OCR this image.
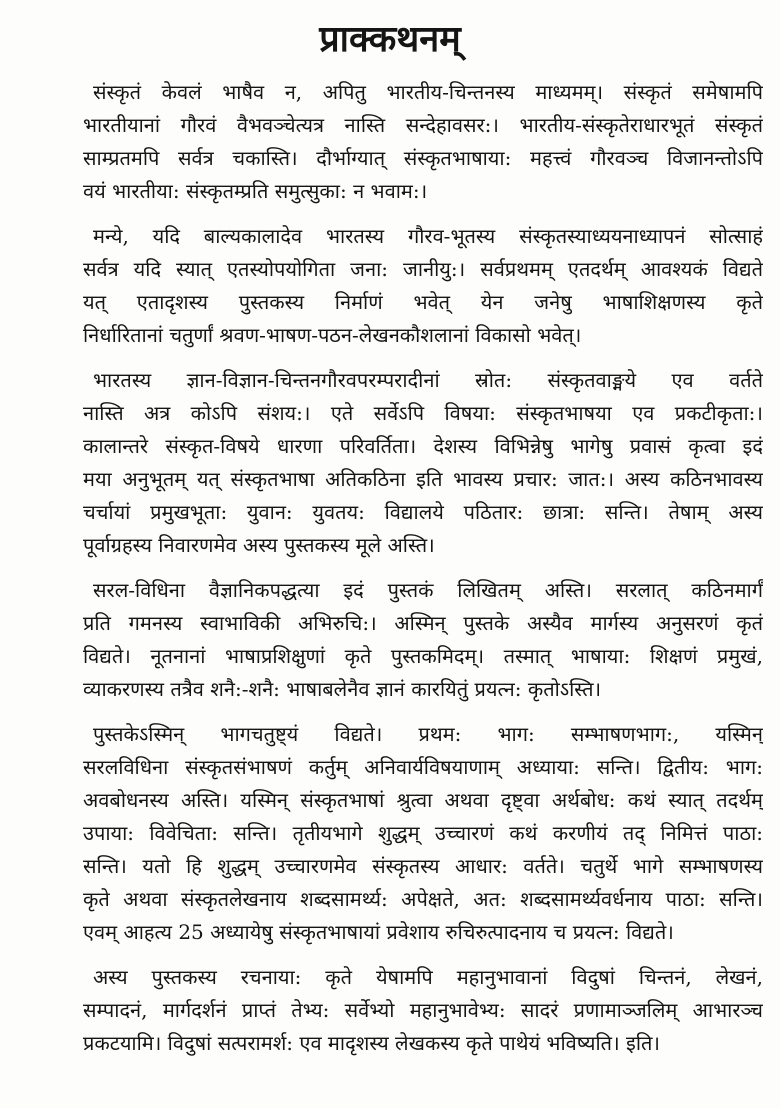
प्राक्कथनम्
संस्कृतं केवलं भाषैव न, अपितु भारतीय-चिन्तनस्य माध्यमम्। संस्कृतं समेषामपि
भारतीयानां गौरवं वैभवञ्चेत्यत्र नास्ति सन्देहावसर:। भारतीय-संस्कृतेराधारभूतं संस्कृतं
साम्प्रतमपि सर्वत्र चकास्ति। दौर्भाग्यात् संस्कृतभाषाया: महत्त्वं गौरवञ्च विजानन्तोऽपि
वयं भारतीया: संस्कृतम्प्रति समुत्सुका: न भवाम:।
मन्ये, यदि बाल्यकालादेव भारतस्य गौरव-भूतस्य संस्कृतस्याध्ययनाध्यापनं सोत्साहं
सर्वत्र यदि स्यात् एतस्योपयोगिता जना: जानीयु:। सर्वप्रथमम् एतदर्थम् आवश्यकं विद्यते
यत् एतादृशस्य पुस्तकस्य निर्माणं भवेत् येन जनेषु भाषाशिक्षणस्य कृते
निर्धारितानां चतुर्णां श्रवण-भाषण-पठन-लेखनकौशलानां विकासो भवेत्।
भारतस्य ज्ञान-विज्ञान-चिन्तनगौरवपरम्परादीनां स्रोत: संस्कृतवाङ्मये एव वर्तते
नास्ति अत्र कोऽपि संशय:। एते सर्वेऽपि विषया: संस्कृतभाषया एव प्रकटीकृता:।
कालान्तरे संस्कृत-विषये धारणा परिवर्तिता। देशस्य विभिन्नेषु भागेषु प्रवासं कृत्वा इदं
मया अनुभूतम् यत् संस्कृतभाषा अतिकठिना इति भावस्य प्रचार: जात:। अस्य कठिनभावस्य
चर्चायां प्रमुखभूता: युवान: युवतय: विद्यालये पठितार: छात्रा: सन्ति। तेषाम् अस्य
पूर्वाग्रहस्य निवारणमेव अस्य पुस्तकस्य मूले अस्ति।
सरल-विधिना वैज्ञानिकपद्धत्या इदं पुस्तकं लिखितम् अस्ति। सरलात् कठिनमार्गं
प्रति गमनस्य स्वाभाविकी अभिरुचि:। अस्मिन् पुस्तके अस्यैव मार्गस्य अनुसरणं कृतं
विद्यते। नूतनानां भाषाप्रशिक्षुणां कृते पुस्तकमिदम्। तस्मात् भाषाया: शिक्षणं प्रमुखं,
व्याकरणस्य तत्रैव शनै:-शनै: भाषाबलेनैव ज्ञानं कारयितुं प्रयत्न: कृतोऽस्ति।
पुस्तकेऽस्मिन् भागचतुष्ट्यं विद्यते। प्रथम: भाग: सम्भाषणभाग:, यस्मिन्
सरलविधिना संस्कृतसंभाषणं कर्तुम् अनिवार्यविषयाणाम् अध्याया: सन्ति। द्वितीय: भाग:
अवबोधनस्य अस्ति। यस्मिन् संस्कृतभाषां श्रुत्वा अथवा दृष्ट्वा अर्थबोध: कथं स्यात् तदर्थम्
उपाया: विवेचिता: सन्ति। तृतीयभागे शुद्धम् उच्चारणं कथं करणीयं तद् निमित्तं पाठा:
सन्ति। यतो हि शुद्धम् उच्चारणमेव संस्कृतस्य आधार: वर्तते। चतुर्थे भागे सम्भाषणस्य
कृते अथवा संस्कृतलेखनाय शब्दसामर्थ्य: अपेक्षते, अत: शब्दसामर्थ्यवर्धनाय पाठा: सन्ति।
एवम् आहत्य 25 अध्यायेषु संस्कृतभाषायां प्रवेशाय रुचिरुत्पादनाय च प्रयत्न: विद्यते।
अस्य पुस्तकस्य रचनाया: कृते येषामपि महानुभावानां विदुषां चिन्तनं, लेखनं,
सम्पादनं, मार्गदर्शनं प्राप्तं तेभ्य: सर्वेभ्यो महानुभावेभ्य: सादरं प्रणामाञ्जलिम् आभारञ्च
प्रकटयामि। विदुषां सत्परामर्श: एव मादृशस्य लेखकस्य कृते पाथेयं भविष्यति। इति।
